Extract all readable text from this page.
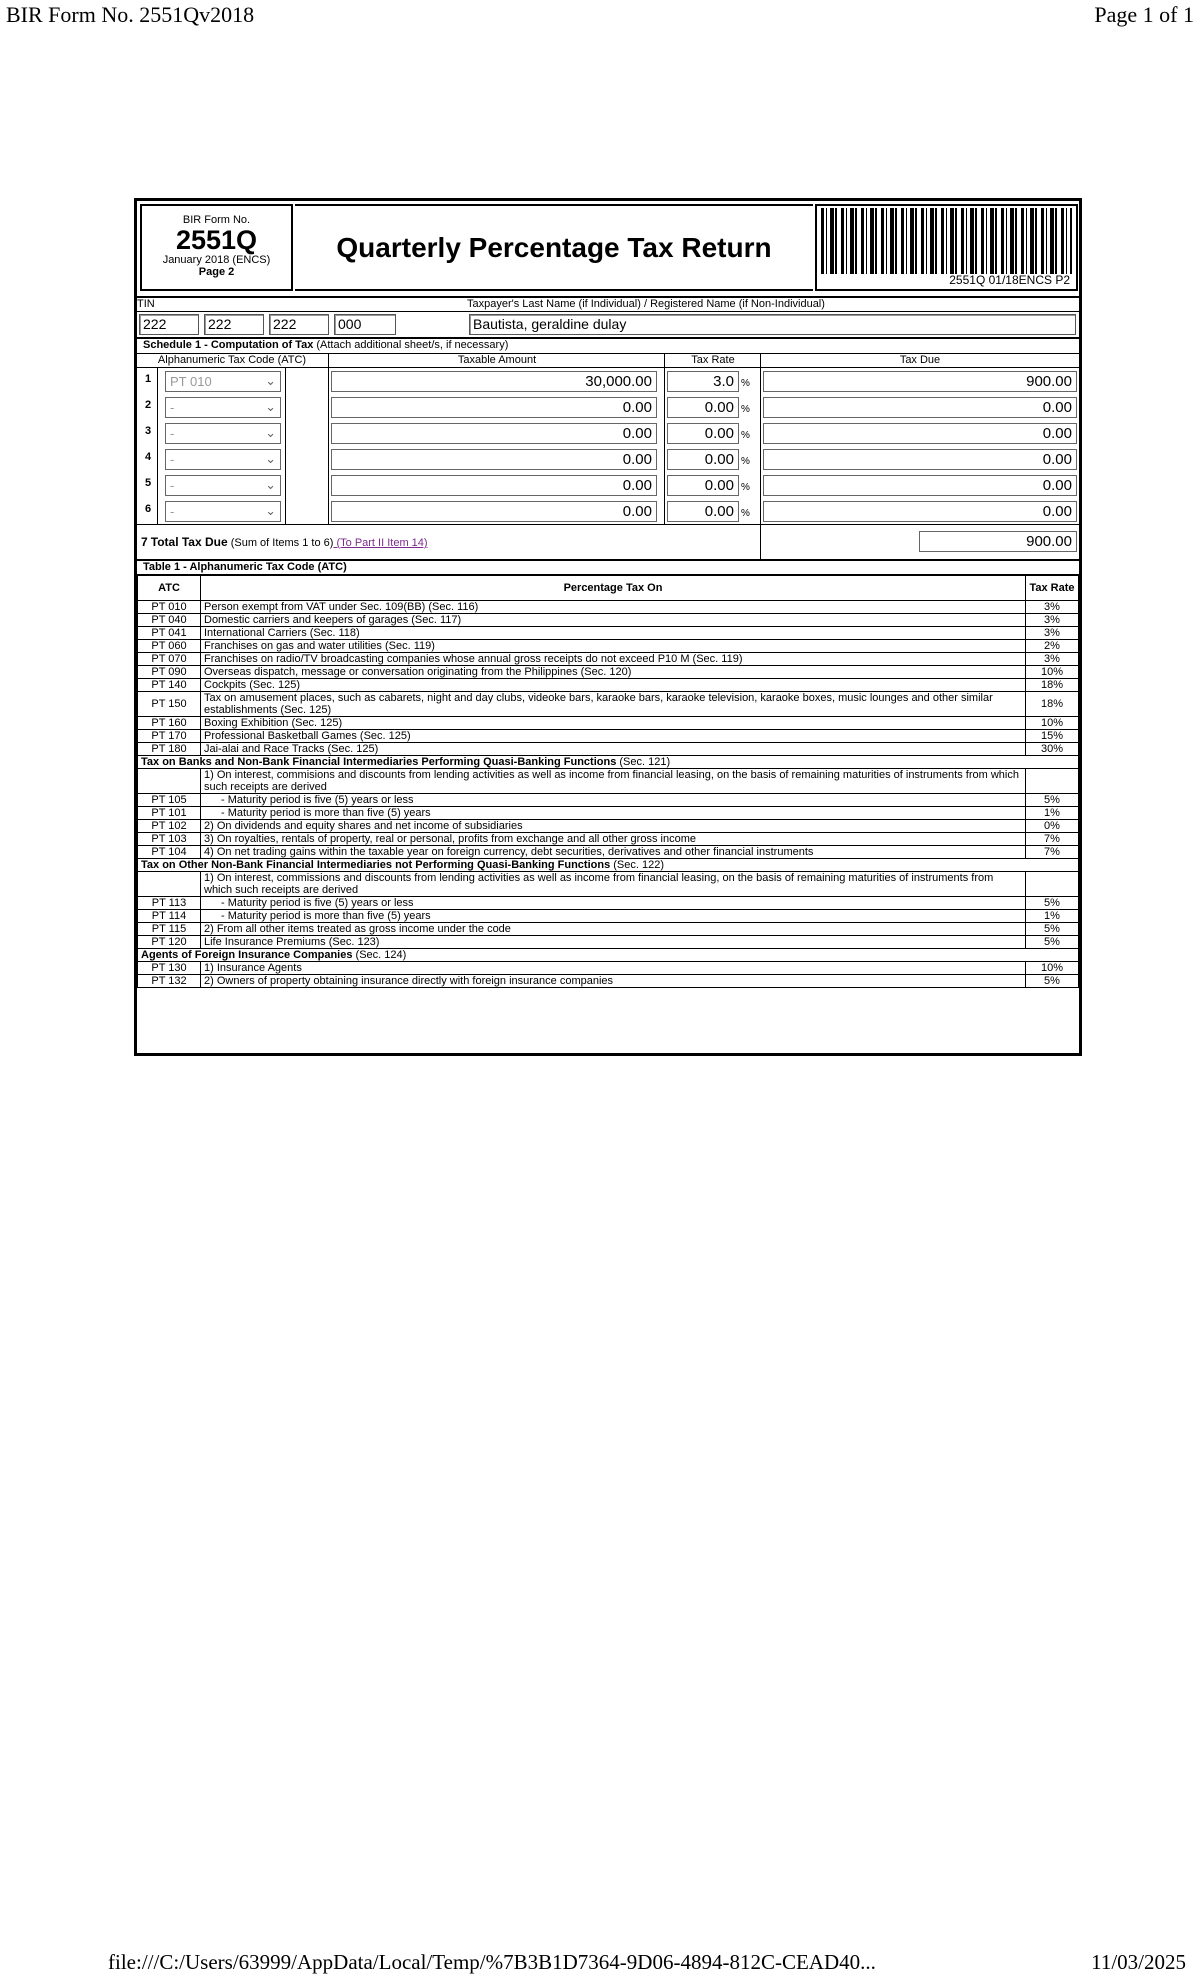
BIR Form No. 2551Qv2018	Page 1 of 1
BIR Form No.
2551Q
January 2018 (ENCS)
Page 2
Quarterly Percentage Tax Return
2551Q 01/18ENCS P2
TIN	Taxpayer's Last Name (if Individual) / Registered Name (if Non-Individual)
222	222	222	000	Bautista, geraldine dulay
Schedule 1 - Computation of Tax (Attach additional sheet/s, if necessary)
Alphanumeric Tax Code (ATC)	Taxable Amount	Tax Rate	Tax Due
1	PT 010	⌄	30,000.00	3.0 %	900.00
2	-	⌄	0.00	0.00 %	0.00
3	-	⌄	0.00	0.00 %	0.00
4	-	⌄	0.00	0.00 %	0.00
5	-	⌄	0.00	0.00 %	0.00
6	-	⌄	0.00	0.00 %	0.00
7 Total Tax Due (Sum of Items 1 to 6) (To Part II Item 14)	900.00
Table 1 - Alphanumeric Tax Code (ATC)
ATC	Percentage Tax On	Tax Rate
PT 010	Person exempt from VAT under Sec. 109(BB) (Sec. 116)	3%
PT 040	Domestic carriers and keepers of garages (Sec. 117)	3%
PT 041	International Carriers (Sec. 118)	3%
PT 060	Franchises on gas and water utilities (Sec. 119)	2%
PT 070	Franchises on radio/TV broadcasting companies whose annual gross receipts do not exceed P10 M (Sec. 119)	3%
PT 090	Overseas dispatch, message or conversation originating from the Philippines (Sec. 120)	10%
PT 140	Cockpits (Sec. 125)	18%
PT 150	Tax on amusement places, such as cabarets, night and day clubs, videoke bars, karaoke bars, karaoke television, karaoke boxes, music lounges and other similar establishments (Sec. 125)	18%
PT 160	Boxing Exhibition (Sec. 125)	10%
PT 170	Professional Basketball Games (Sec. 125)	15%
PT 180	Jai-alai and Race Tracks (Sec. 125)	30%
Tax on Banks and Non-Bank Financial Intermediaries Performing Quasi-Banking Functions (Sec. 121)		
	1) On interest, commisions and discounts from lending activities as well as income from financial leasing, on the basis of remaining maturities of instruments from which such receipts are derived	
PT 105	- Maturity period is five (5) years or less	5%
PT 101	- Maturity period is more than five (5) years	1%
PT 102	2) On dividends and equity shares and net income of subsidiaries	0%
PT 103	3) On royalties, rentals of property, real or personal, profits from exchange and all other gross income	7%
PT 104	4) On net trading gains within the taxable year on foreign currency, debt securities, derivatives and other financial instruments	7%
Tax on Other Non-Bank Financial Intermediaries not Performing Quasi-Banking Functions (Sec. 122)		
	1) On interest, commissions and discounts from lending activities as well as income from financial leasing, on the basis of remaining maturities of instruments from which such receipts are derived	
PT 113	- Maturity period is five (5) years or less	5%
PT 114	- Maturity period is more than five (5) years	1%
PT 115	2) From all other items treated as gross income under the code	5%
PT 120	Life Insurance Premiums (Sec. 123)	5%
Agents of Foreign Insurance Companies (Sec. 124)		
PT 130	1) Insurance Agents	10%
PT 132	2) Owners of property obtaining insurance directly with foreign insurance companies	5%
file:///C:/Users/63999/AppData/Local/Temp/%7B3B1D7364-9D06-4894-812C-CEAD40...	11/03/2025
